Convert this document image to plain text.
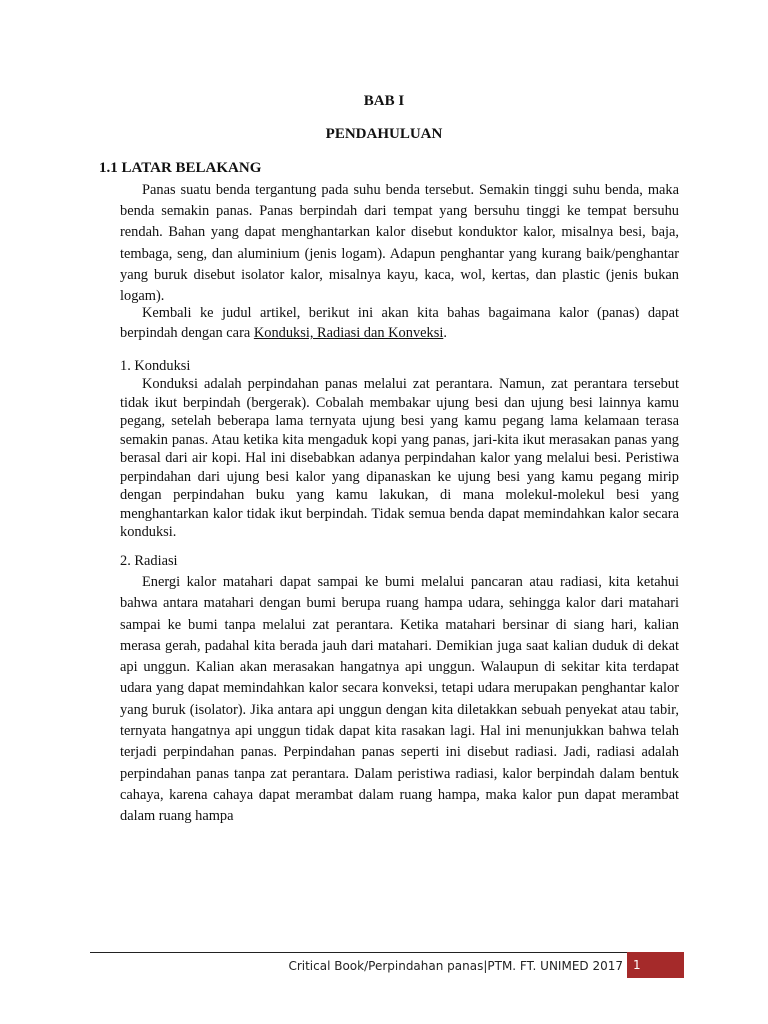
BAB I
PENDAHULUAN
1.1 LATAR BELAKANG
Panas suatu benda tergantung pada suhu benda tersebut. Semakin tinggi suhu benda, maka benda semakin panas. Panas berpindah dari tempat yang bersuhu tinggi ke tempat bersuhu rendah. Bahan yang dapat menghantarkan kalor disebut konduktor kalor, misalnya besi, baja, tembaga, seng, dan aluminium (jenis logam). Adapun penghantar yang kurang baik/penghantar yang buruk disebut isolator kalor, misalnya kayu, kaca, wol, kertas, dan plastic (jenis bukan logam).
Kembali ke judul artikel, berikut ini akan kita bahas bagaimana kalor (panas) dapat berpindah dengan cara Konduksi, Radiasi dan Konveksi.
1. Konduksi
Konduksi adalah perpindahan panas melalui zat perantara. Namun, zat perantara tersebut tidak ikut berpindah (bergerak). Cobalah membakar ujung besi dan ujung besi lainnya kamu pegang, setelah beberapa lama ternyata ujung besi yang kamu pegang lama kelamaan terasa semakin panas. Atau ketika kita mengaduk kopi yang panas, jari-kita ikut merasakan panas yang berasal dari air kopi. Hal ini disebabkan adanya perpindahan kalor yang melalui besi. Peristiwa perpindahan dari ujung besi kalor yang dipanaskan ke ujung besi yang kamu pegang mirip dengan perpindahan buku yang kamu lakukan, di mana molekul-molekul besi yang menghantarkan kalor tidak ikut berpindah. Tidak semua benda dapat memindahkan kalor secara konduksi.
2. Radiasi
Energi kalor matahari dapat sampai ke bumi melalui pancaran atau radiasi, kita ketahui bahwa antara matahari dengan bumi berupa ruang hampa udara, sehingga kalor dari matahari sampai ke bumi tanpa melalui zat perantara. Ketika matahari bersinar di siang hari, kalian merasa gerah, padahal kita berada jauh dari matahari. Demikian juga saat kalian duduk di dekat api unggun. Kalian akan merasakan hangatnya api unggun. Walaupun di sekitar kita terdapat udara yang dapat memindahkan kalor secara konveksi, tetapi udara merupakan penghantar kalor yang buruk (isolator). Jika antara api unggun dengan kita diletakkan sebuah penyekat atau tabir, ternyata hangatnya api unggun tidak dapat kita rasakan lagi. Hal ini menunjukkan bahwa telah terjadi perpindahan panas. Perpindahan panas seperti ini disebut radiasi. Jadi, radiasi adalah perpindahan panas tanpa zat perantara. Dalam peristiwa radiasi, kalor berpindah dalam bentuk cahaya, karena cahaya dapat merambat dalam ruang hampa, maka kalor pun dapat merambat dalam ruang hampa
Critical Book/Perpindahan panas|PTM. FT. UNIMED 2017 1
